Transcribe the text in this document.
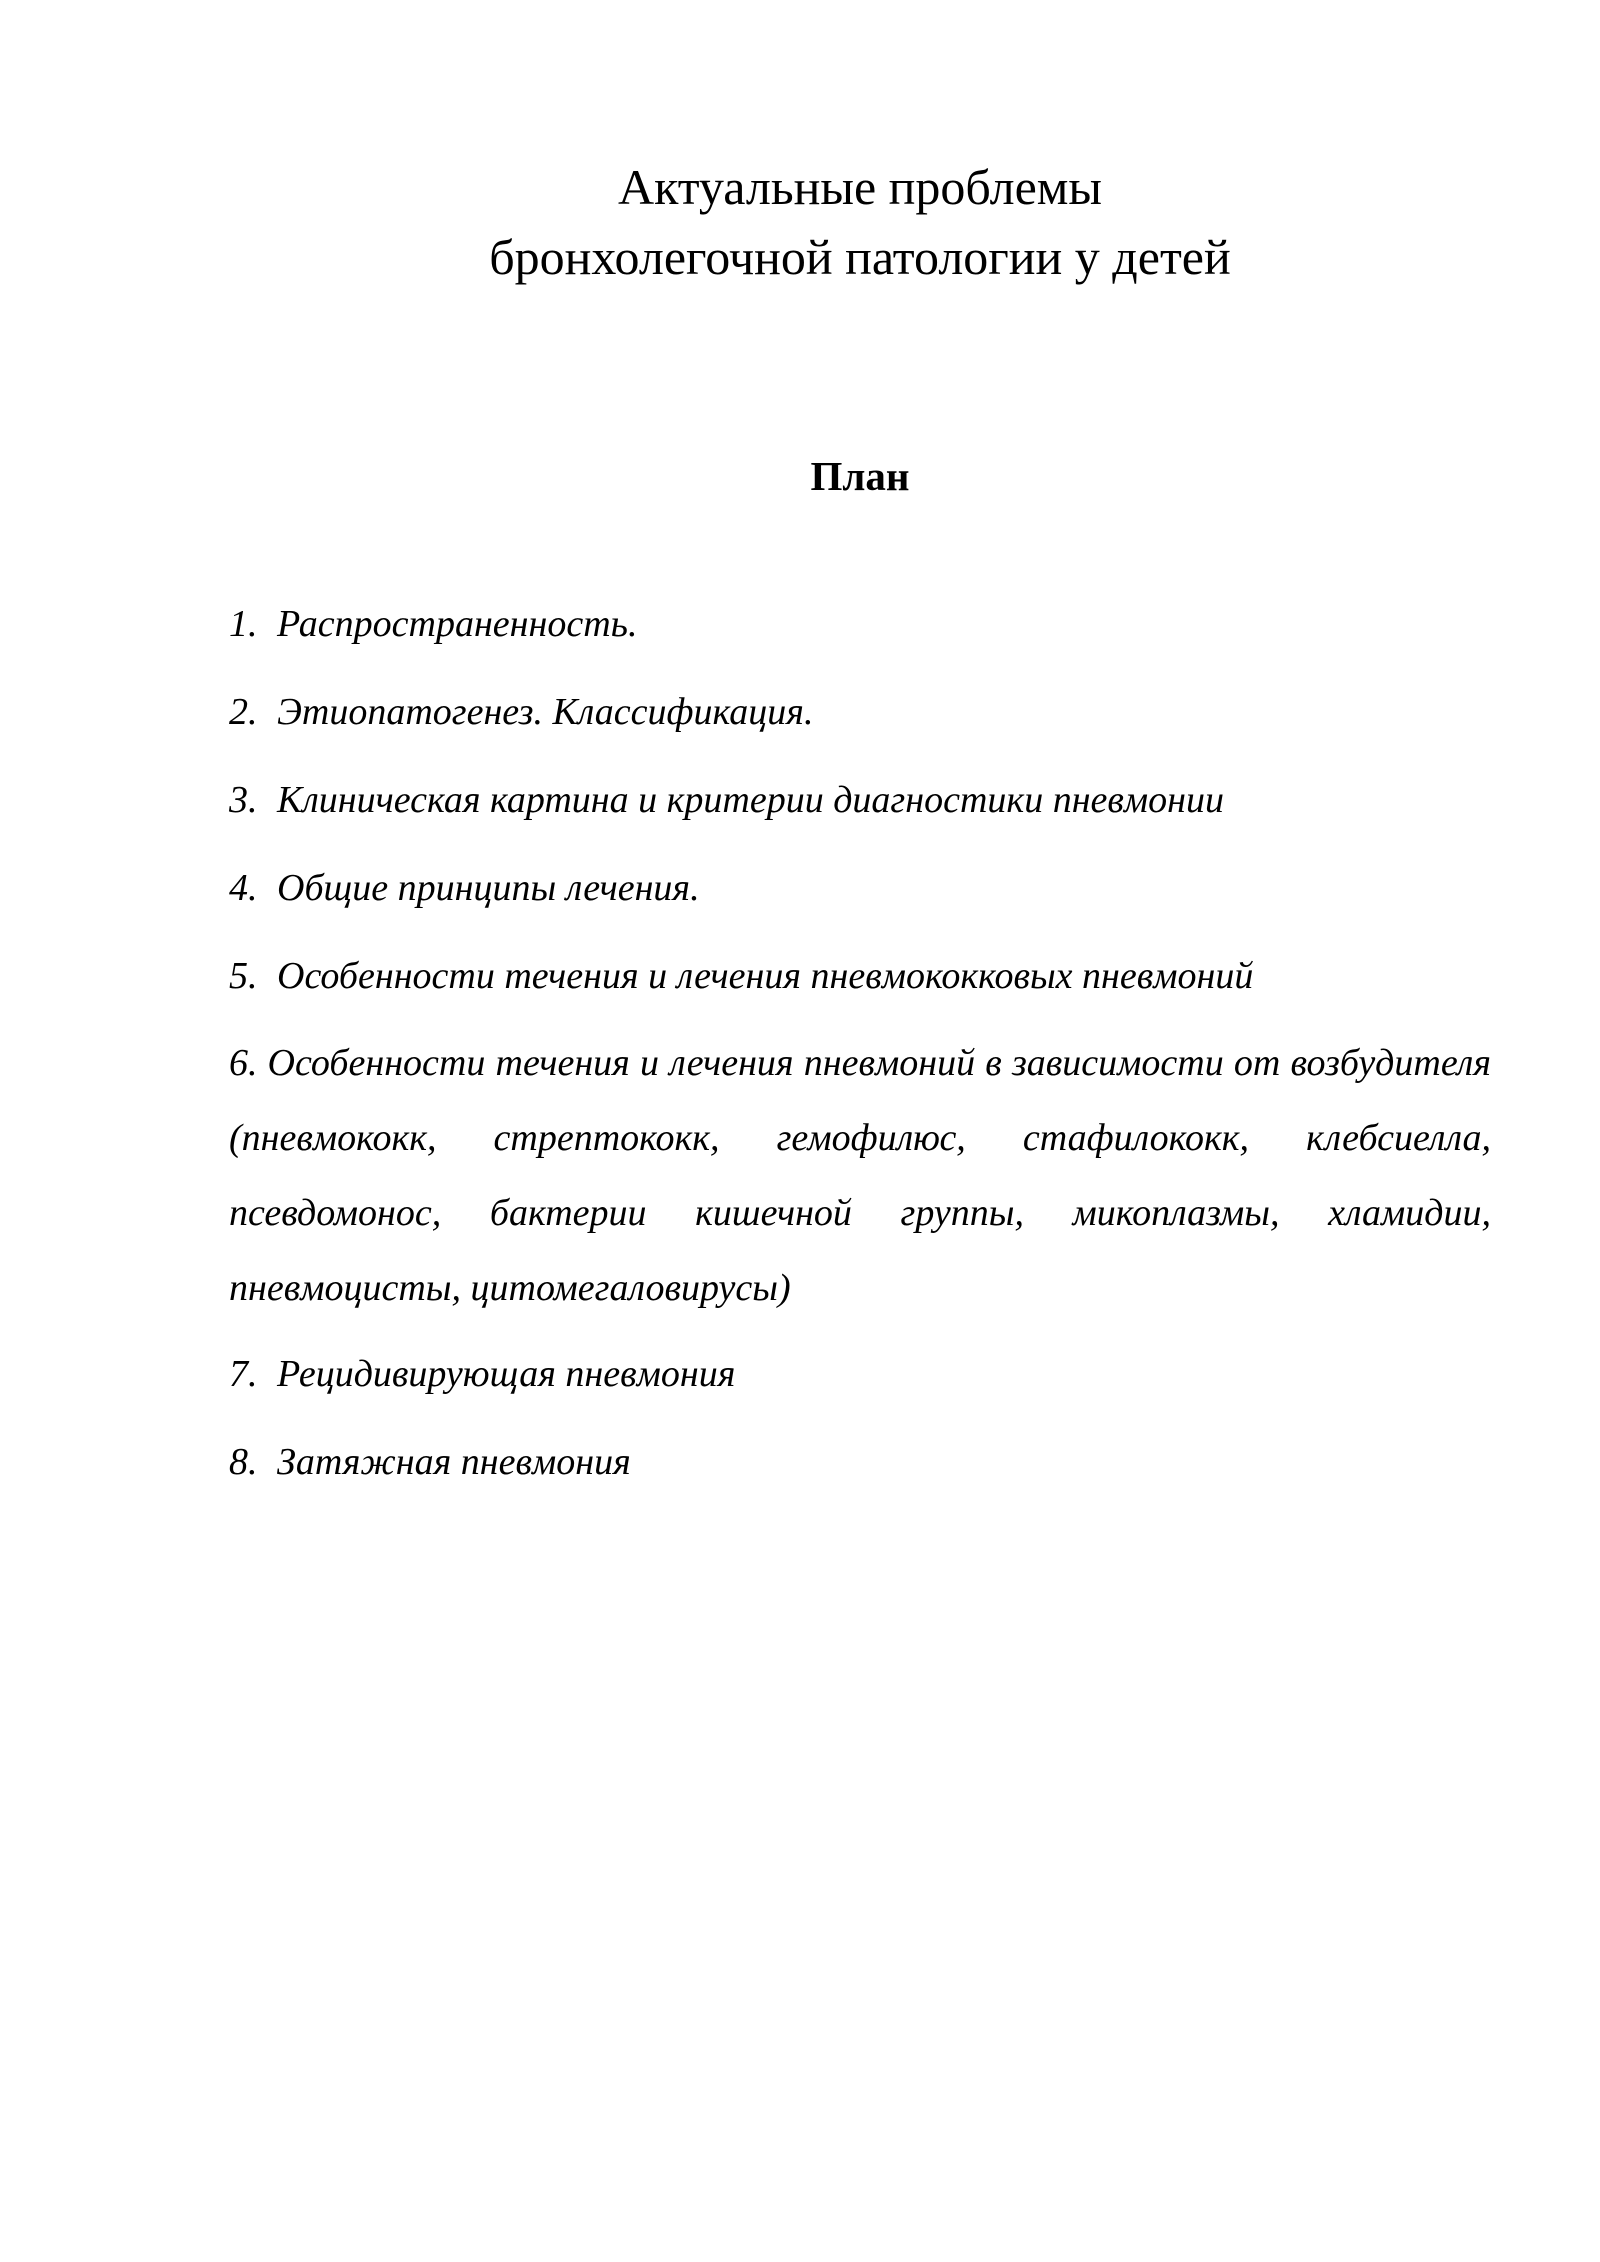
Актуальные проблемы
бронхолегочной патологии у детей
План
1. Распространенность.
2. Этиопатогенез. Классификация.
3. Клиническая картина и критерии диагностики пневмонии
4. Общие принципы лечения.
5. Особенности течения и лечения пневмококковых пневмоний
6. Особенности течения и лечения пневмоний в зависимости от возбудителя (пневмококк, стрептококк, гемофилюс, стафилококк, клебсиелла, псевдомонос, бактерии кишечной группы, микоплазмы, хламидии, пневмоцисты, цитомегаловирусы)
7. Рецидивирующая пневмония
8. Затяжная пневмония
